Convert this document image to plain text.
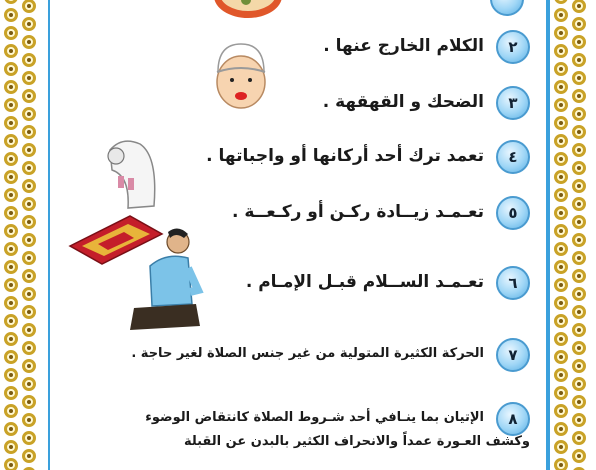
٢
الكلام الخارج عنها .
٣
الضحك و القهقهة .
٤
تعمد ترك أحد أركانها أو واجباتها .
٥
تعـمـد زيــادة ركـن أو ركـعــة .
٦
تعـمـد الســلام قبـل الإمـام .
٧
الحركة الكثيرة المتولية من غير جنس الصلاة لغير حاجة .
٨
الإتيان بما ينـافي أحد شـروط الصلاة كانتقاض الوضوء
وكشف العـورة عمداً والانحراف الكثير بالبدن عن القبلة
